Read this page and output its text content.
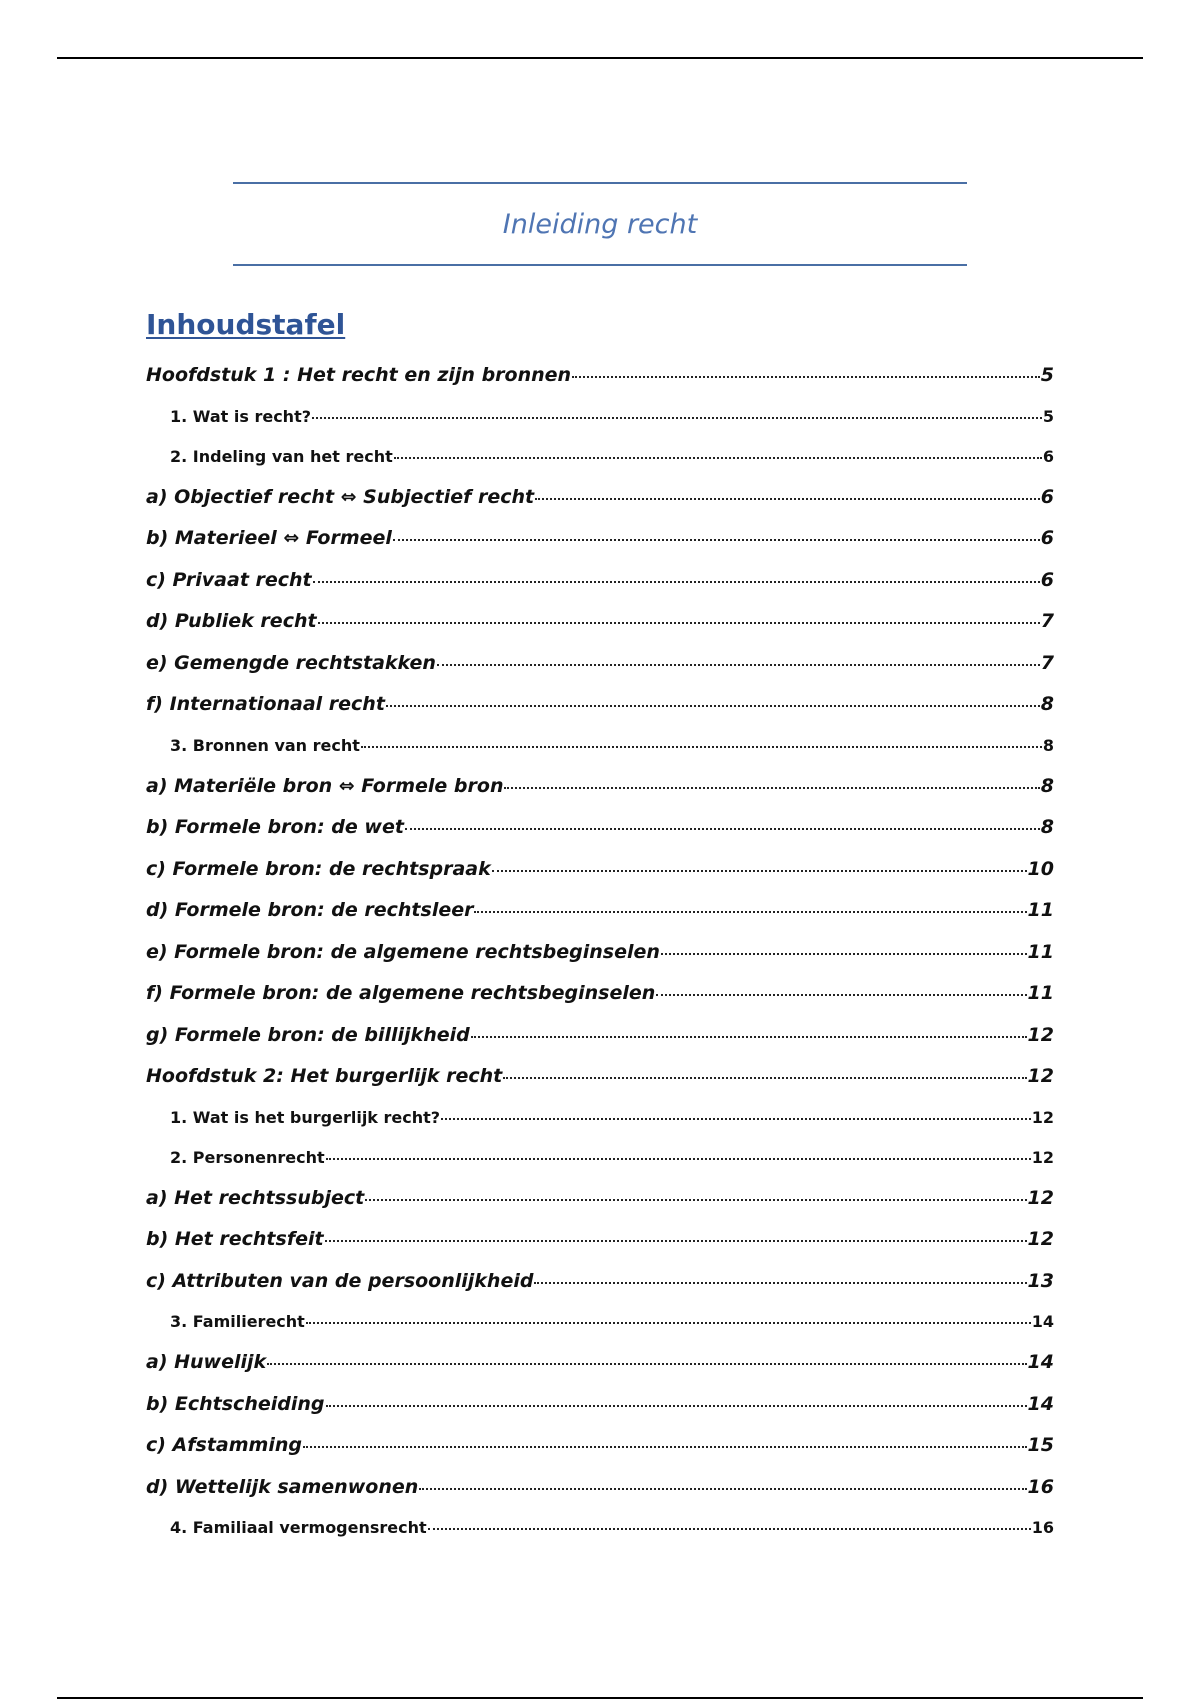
Inleiding recht
Inhoudstafel
Hoofdstuk 1 : Het recht en zijn bronnen	5
1. Wat is recht?	5
2. Indeling van het recht	6
a) Objectief recht ⇔ Subjectief recht	6
b) Materieel ⇔ Formeel	6
c) Privaat recht	6
d) Publiek recht	7
e) Gemengde rechtstakken	7
f) Internationaal recht	8
3. Bronnen van recht	8
a) Materiële bron ⇔ Formele bron	8
b) Formele bron: de wet	8
c) Formele bron: de rechtspraak	10
d) Formele bron: de rechtsleer	11
e) Formele bron: de algemene rechtsbeginselen	11
f) Formele bron: de algemene rechtsbeginselen	11
g) Formele bron: de billijkheid	12
Hoofdstuk 2: Het burgerlijk recht	12
1. Wat is het burgerlijk recht?	12
2. Personenrecht	12
a) Het rechtssubject	12
b) Het rechtsfeit	12
c) Attributen van de persoonlijkheid	13
3. Familierecht	14
a) Huwelijk	14
b) Echtscheiding	14
c) Afstamming	15
d) Wettelijk samenwonen	16
4. Familiaal vermogensrecht	16
